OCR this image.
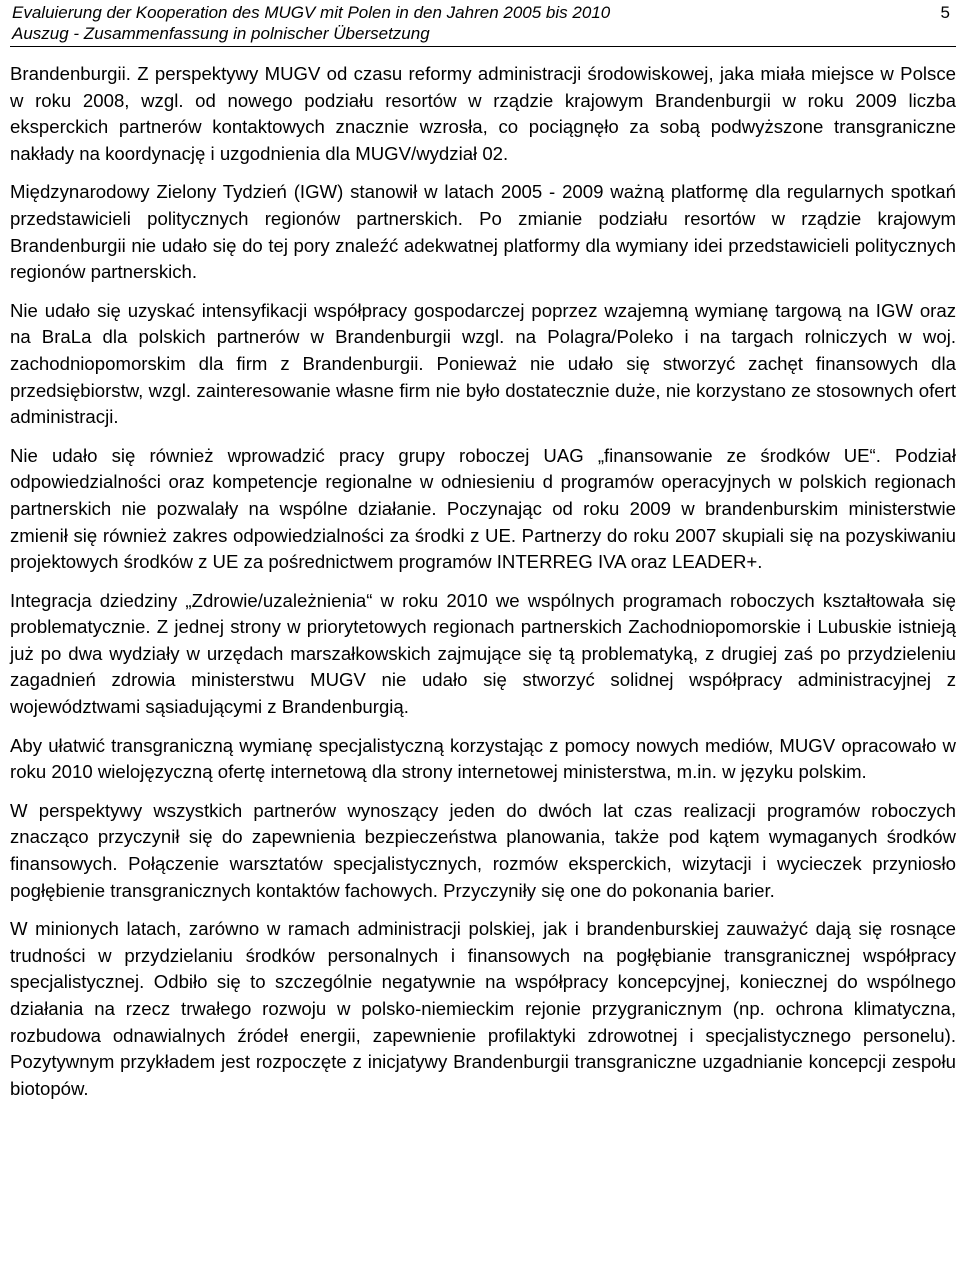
Evaluierung der Kooperation des MUGV mit Polen in den Jahren 2005 bis 2010
Auszug - Zusammenfassung in polnischer Übersetzung
5

Brandenburgii. Z perspektywy MUGV od czasu reformy administracji środowiskowej, jaka miała miejsce w Polsce w roku 2008, wzgl. od nowego podziału resortów w rządzie krajowym Brandenburgii w roku 2009 liczba eksperckich partnerów kontaktowych znacznie wzrosła, co pociągnęło za sobą podwyższone transgraniczne nakłady na koordynację i uzgodnienia dla MUGV/wydział 02.

Międzynarodowy Zielony Tydzień (IGW) stanowił w latach 2005 - 2009 ważną platformę dla regularnych spotkań przedstawicieli politycznych regionów partnerskich. Po zmianie podziału resortów w rządzie krajowym Brandenburgii nie udało się do tej pory znaleźć adekwatnej platformy dla wymiany idei przedstawicieli politycznych regionów partnerskich.

Nie udało się uzyskać intensyfikacji współpracy gospodarczej poprzez wzajemną wymianę targową na IGW oraz na BraLa dla polskich partnerów w Brandenburgii wzgl. na Polagra/Poleko i na targach rolniczych w woj. zachodniopomorskim dla firm z Brandenburgii. Ponieważ nie udało się stworzyć zachęt finansowych dla przedsiębiorstw, wzgl. zainteresowanie własne firm nie było dostatecznie duże, nie korzystano ze stosownych ofert administracji.

Nie udało się również wprowadzić pracy grupy roboczej UAG „finansowanie ze środków UE“. Podział odpowiedzialności oraz kompetencje regionalne w odniesieniu d programów operacyjnych w polskich regionach partnerskich nie pozwalały na wspólne działanie. Poczynając od roku 2009 w brandenburskim ministerstwie zmienił się również zakres odpowiedzialności za środki z UE. Partnerzy do roku 2007 skupiali się na pozyskiwaniu projektowych środków z UE za pośrednictwem programów INTERREG IVA oraz LEADER+.

Integracja dziedziny „Zdrowie/uzależnienia“ w roku 2010 we wspólnych programach roboczych kształtowała się problematycznie. Z jednej strony w priorytetowych regionach partnerskich Zachodniopomorskie i Lubuskie istnieją już po dwa wydziały w urzędach marszałkowskich zajmujące się tą problematyką, z drugiej zaś po przydzieleniu zagadnień zdrowia ministerstwu MUGV nie udało się stworzyć solidnej współpracy administracyjnej z województwami sąsiadującymi z Brandenburgią.

Aby ułatwić transgraniczną wymianę specjalistyczną korzystając z pomocy nowych mediów, MUGV opracowało w roku 2010 wielojęzyczną ofertę internetową dla strony internetowej ministerstwa, m.in. w języku polskim.

W perspektywy wszystkich partnerów wynoszący jeden do dwóch lat czas realizacji programów roboczych znacząco przyczynił się do zapewnienia bezpieczeństwa planowania, także pod kątem wymaganych środków finansowych. Połączenie warsztatów specjalistycznych, rozmów eksperckich, wizytacji i wycieczek przyniosło pogłębienie transgranicznych kontaktów fachowych. Przyczyniły się one do pokonania barier.

W minionych latach, zarówno w ramach administracji polskiej, jak i brandenburskiej zauważyć dają się rosnące trudności w przydzielaniu środków personalnych i finansowych na pogłębianie transgranicznej współpracy specjalistycznej. Odbiło się to szczególnie negatywnie na współpracy koncepcyjnej, koniecznej do wspólnego działania na rzecz trwałego rozwoju w polsko-niemieckim rejonie przygranicznym (np. ochrona klimatyczna, rozbudowa odnawialnych źródeł energii, zapewnienie profilaktyki zdrowotnej i specjalistycznego personelu). Pozytywnym przykładem jest rozpoczęte z inicjatywy Brandenburgii transgraniczne uzgadnianie koncepcji zespołu biotopów.
